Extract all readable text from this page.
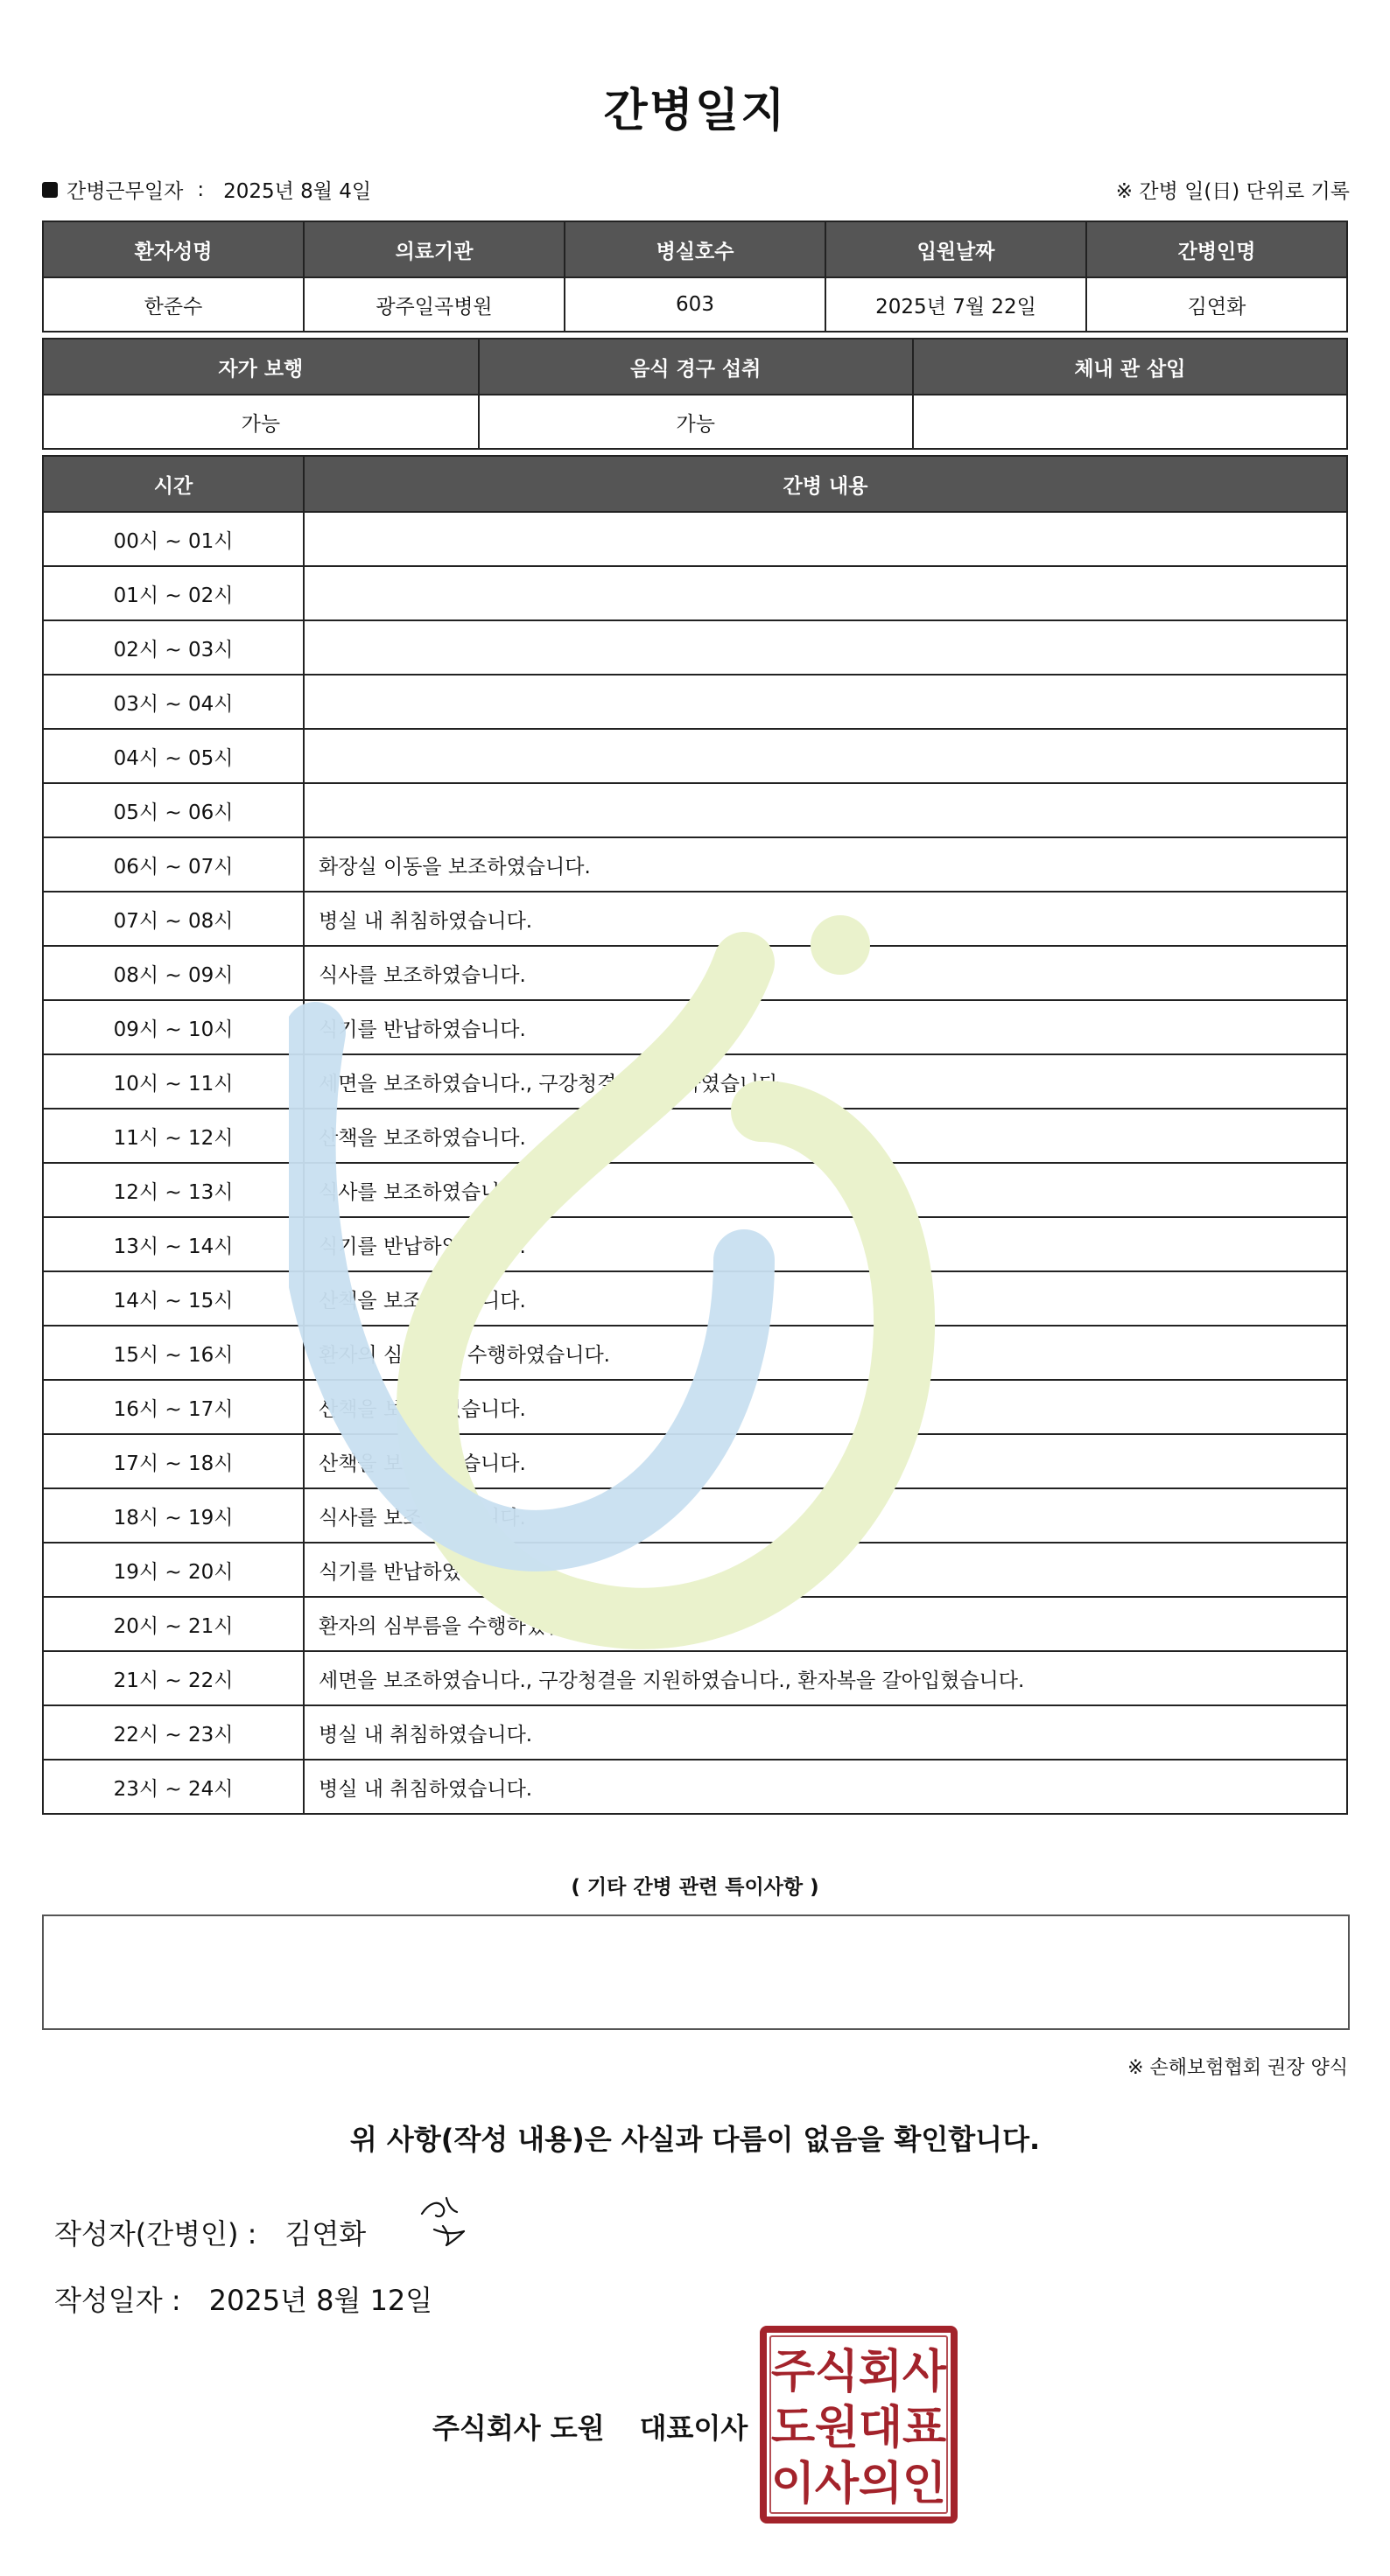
간병일지
간병근무일자 : 2025년 8월 4일	※ 간병 일(日) 단위로 기록
환자성명	의료기관	병실호수	입원날짜	간병인명
한준수	광주일곡병원	603	2025년 7월 22일	김연화
자가 보행	음식 경구 섭취	체내 관 삽입
가능	가능	
시간	간병 내용
00시 ~ 01시	
01시 ~ 02시	
02시 ~ 03시	
03시 ~ 04시	
04시 ~ 05시	
05시 ~ 06시	
06시 ~ 07시	화장실 이동을 보조하였습니다.
07시 ~ 08시	병실 내 취침하였습니다.
08시 ~ 09시	식사를 보조하였습니다.
09시 ~ 10시	식기를 반납하였습니다.
10시 ~ 11시	세면을 보조하였습니다., 구강청결을 지원하였습니다.
11시 ~ 12시	산책을 보조하였습니다.
12시 ~ 13시	식사를 보조하였습니다.
13시 ~ 14시	식기를 반납하였습니다.
14시 ~ 15시	산책을 보조하였습니다.
15시 ~ 16시	환자의 심부름을 수행하였습니다.
16시 ~ 17시	산책을 보조하였습니다.
17시 ~ 18시	산책을 보조하였습니다.
18시 ~ 19시	식사를 보조하였습니다.
19시 ~ 20시	식기를 반납하였습니다.
20시 ~ 21시	환자의 심부름을 수행하였습니다.
21시 ~ 22시	세면을 보조하였습니다., 구강청결을 지원하였습니다., 환자복을 갈아입혔습니다.
22시 ~ 23시	병실 내 취침하였습니다.
23시 ~ 24시	병실 내 취침하였습니다.
( 기타 간병 관련 특이사항 )
※ 손해보험협회 권장 양식
위 사항(작성 내용)은 사실과 다름이 없음을 확인합니다.
작성자(간병인) : 김연화
작성일자 : 2025년 8월 12일
주식회사 도원 대표이사
주 식 회 사
도 원 대 표
이 사 의 인
